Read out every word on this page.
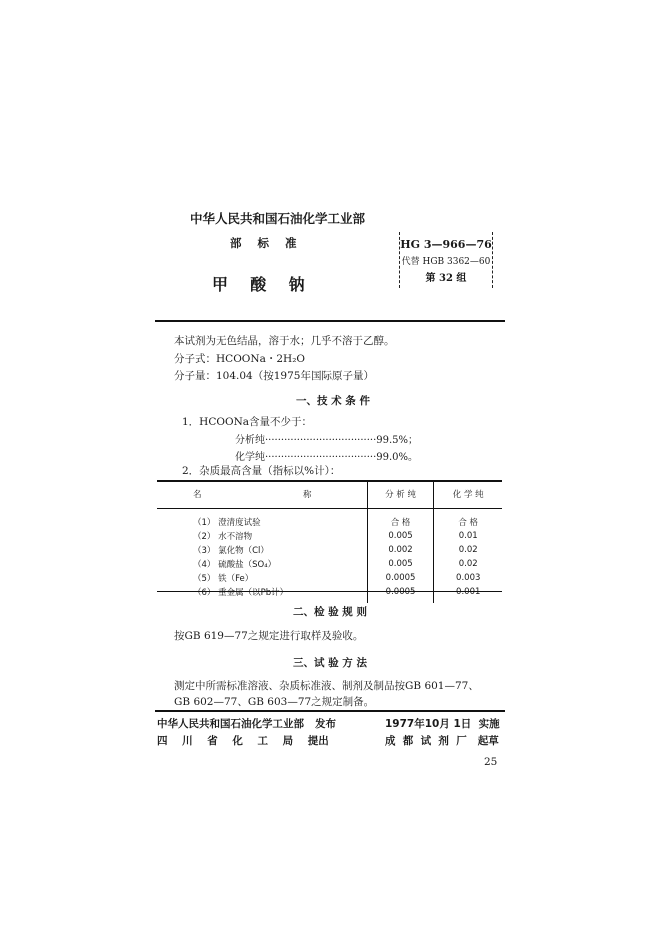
中华人民共和国石油化学工业部
部    标    准
甲    酸    钠
HG 3—966—76
代替 HGB 3362—60
第 32 组
本试剂为无色结晶，溶于水；几乎不溶于乙醇。
分子式：HCOONa・2H₂O
分子量：104.04（按1975年国际原子量）
一、技 术 条 件
1．HCOONa含量不少于：
分析纯···································99.5%；
化学纯···································99.0%。
2．杂质最高含量（指标以%计）：
名 称	分 析 纯	化 学 纯
（1） 澄清度试验	合 格	合 格
（2） 水不溶物	0.005	0.01
（3） 氯化物（Cl）	0.002	0.02
（4） 硫酸盐（SO₄）	0.005	0.02
（5） 铁（Fe）	0.0005	0.003
（6） 重金属（以Pb计）	0.0005	0.001
二、检 验 规 则
按GB 619—77之规定进行取样及验收。
三、试 验 方 法
测定中所需标准溶液、杂质标准液、制剂及制品按GB 601—77、
GB 602—77、GB 603—77之规定制备。
中华人民共和国石油化学工业部   发布
四    川    省    化    工    局    提出
1977年10月 1日  实施
成  都  试  剂  厂   起草
25
